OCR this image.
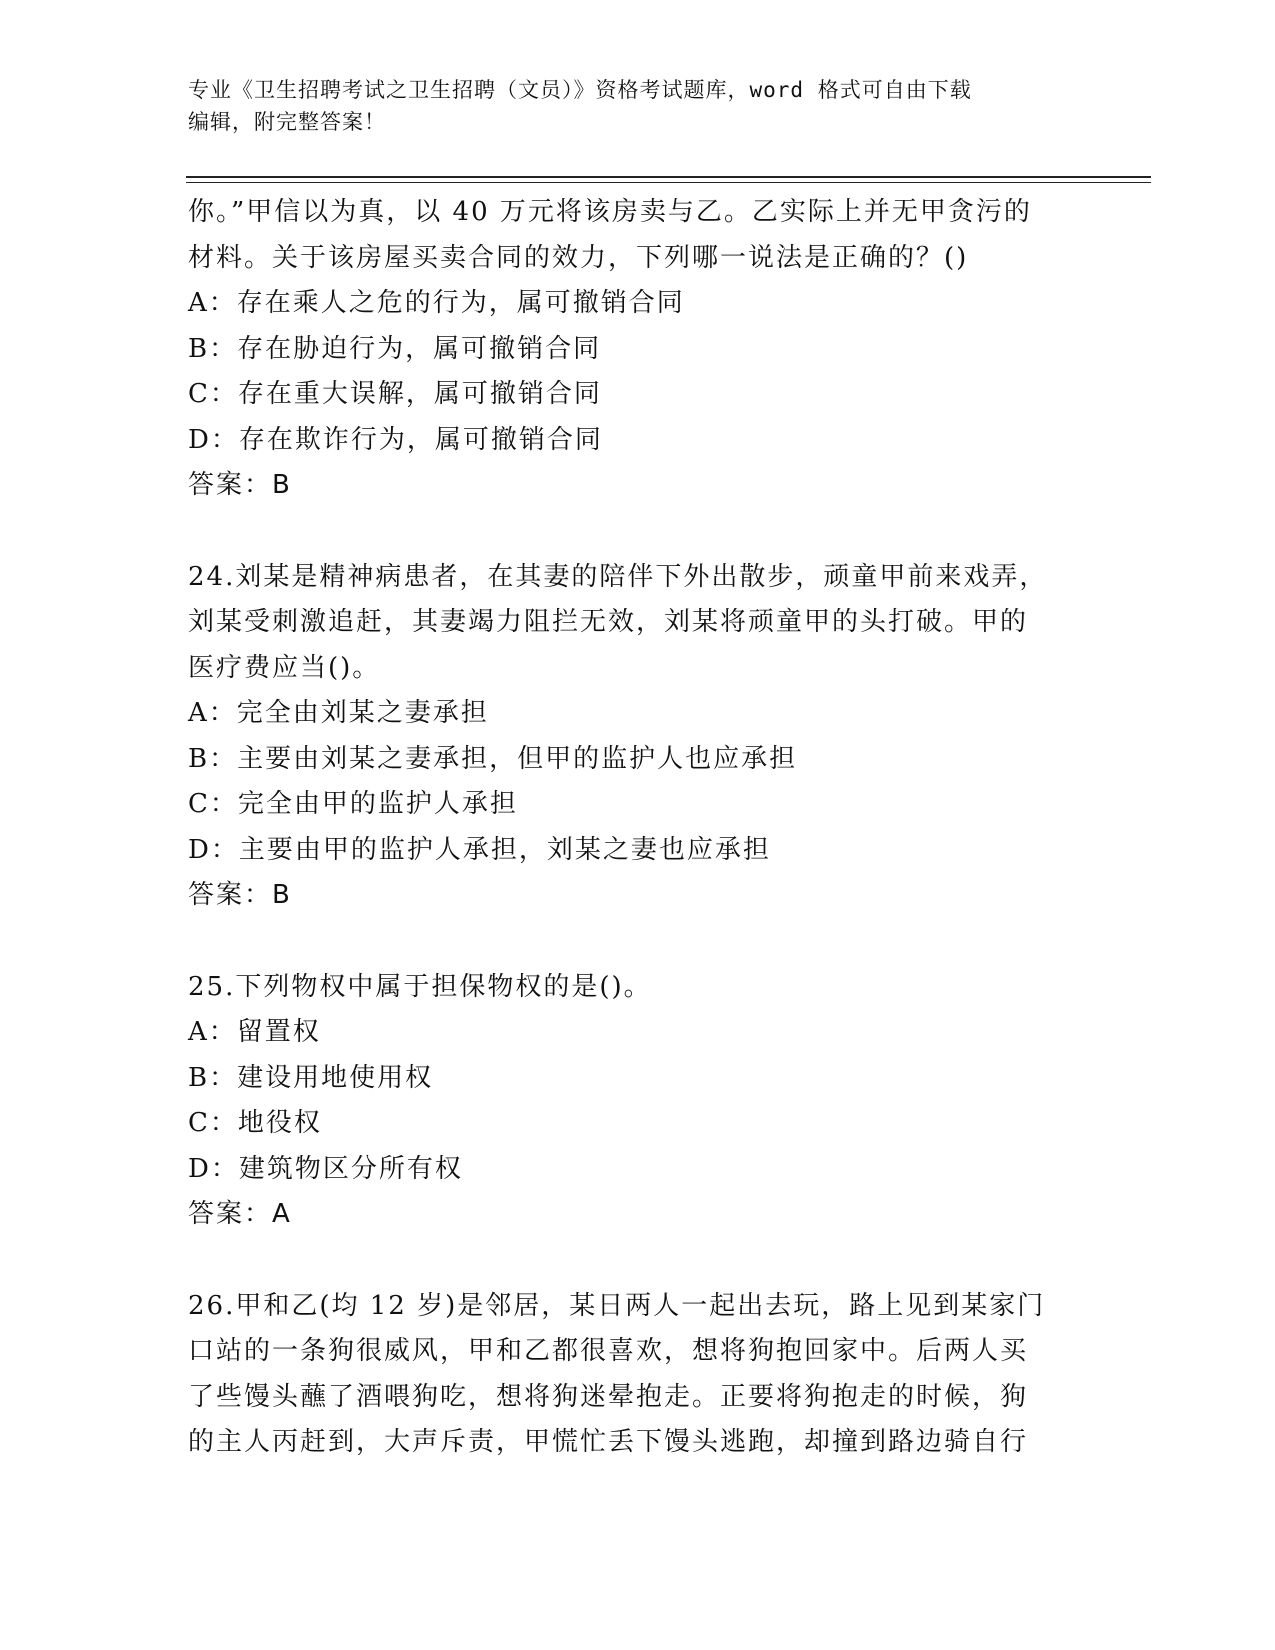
专业《卫生招聘考试之卫生招聘（文员）》资格考试题库，word 格式可自由下载
编辑，附完整答案！
你。”甲信以为真，以 40 万元将该房卖与乙。乙实际上并无甲贪污的
材料。关于该房屋买卖合同的效力，下列哪一说法是正确的？()
A：存在乘人之危的行为，属可撤销合同
B：存在胁迫行为，属可撤销合同
C：存在重大误解，属可撤销合同
D：存在欺诈行为，属可撤销合同
答案：B
24.刘某是精神病患者，在其妻的陪伴下外出散步，顽童甲前来戏弄，
刘某受刺激追赶，其妻竭力阻拦无效，刘某将顽童甲的头打破。甲的
医疗费应当()。
A：完全由刘某之妻承担
B：主要由刘某之妻承担，但甲的监护人也应承担
C：完全由甲的监护人承担
D：主要由甲的监护人承担，刘某之妻也应承担
答案：B
25.下列物权中属于担保物权的是()。
A：留置权
B：建设用地使用权
C：地役权
D：建筑物区分所有权
答案：A
26.甲和乙(均 12 岁)是邻居，某日两人一起出去玩，路上见到某家门
口站的一条狗很威风，甲和乙都很喜欢，想将狗抱回家中。后两人买
了些馒头蘸了酒喂狗吃，想将狗迷晕抱走。正要将狗抱走的时候，狗
的主人丙赶到，大声斥责，甲慌忙丢下馒头逃跑，却撞到路边骑自行
